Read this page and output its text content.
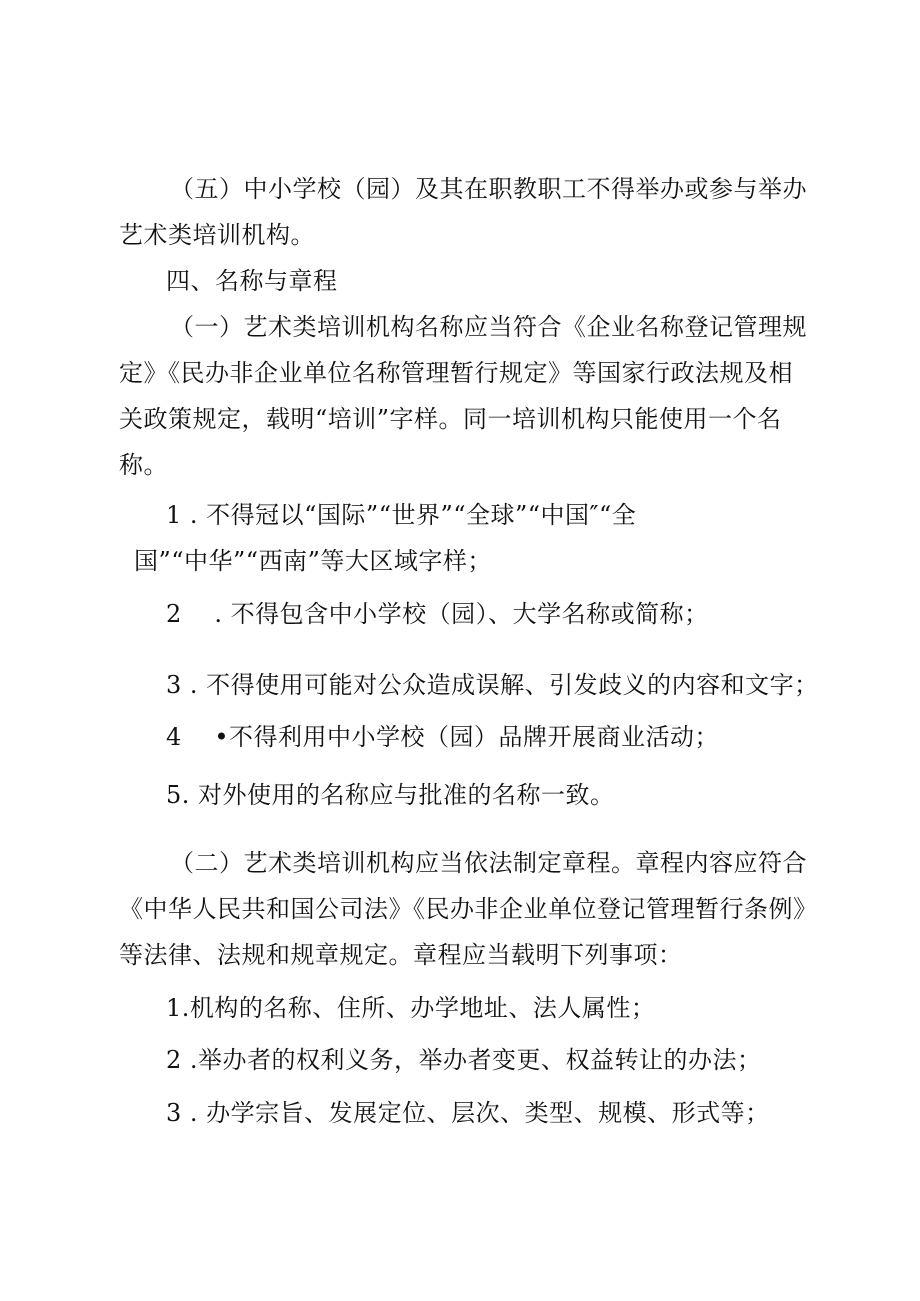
（五）中小学校（园）及其在职教职工不得举办或参与举办
艺术类培训机构。
四、名称与章程
（一）艺术类培训机构名称应当符合《企业名称登记管理规
定》《民办非企业单位名称管理暂行规定》等国家行政法规及相
关政策规定，载明“培训”字样。同一培训机构只能使用一个名
称。
1 . 不得冠以“国际”“世界”“全球”“中国″“全
国”“中华”“西南”等大区域字样；
2　 . 不得包含中小学校（园）、大学名称或简称；
3 . 不得使用可能对公众造成误解、引发歧义的内容和文字；
4　 •不得利用中小学校（园）品牌开展商业活动；
5. 对外使用的名称应与批准的名称一致。
（二）艺术类培训机构应当依法制定章程。章程内容应符合
《中华人民共和国公司法》《民办非企业单位登记管理暂行条例》
等法律、法规和规章规定。章程应当载明下列事项：
1.机构的名称、住所、办学地址、法人属性；
2 .举办者的权利义务，举办者变更、权益转让的办法；
3 . 办学宗旨、发展定位、层次、类型、规模、形式等；
